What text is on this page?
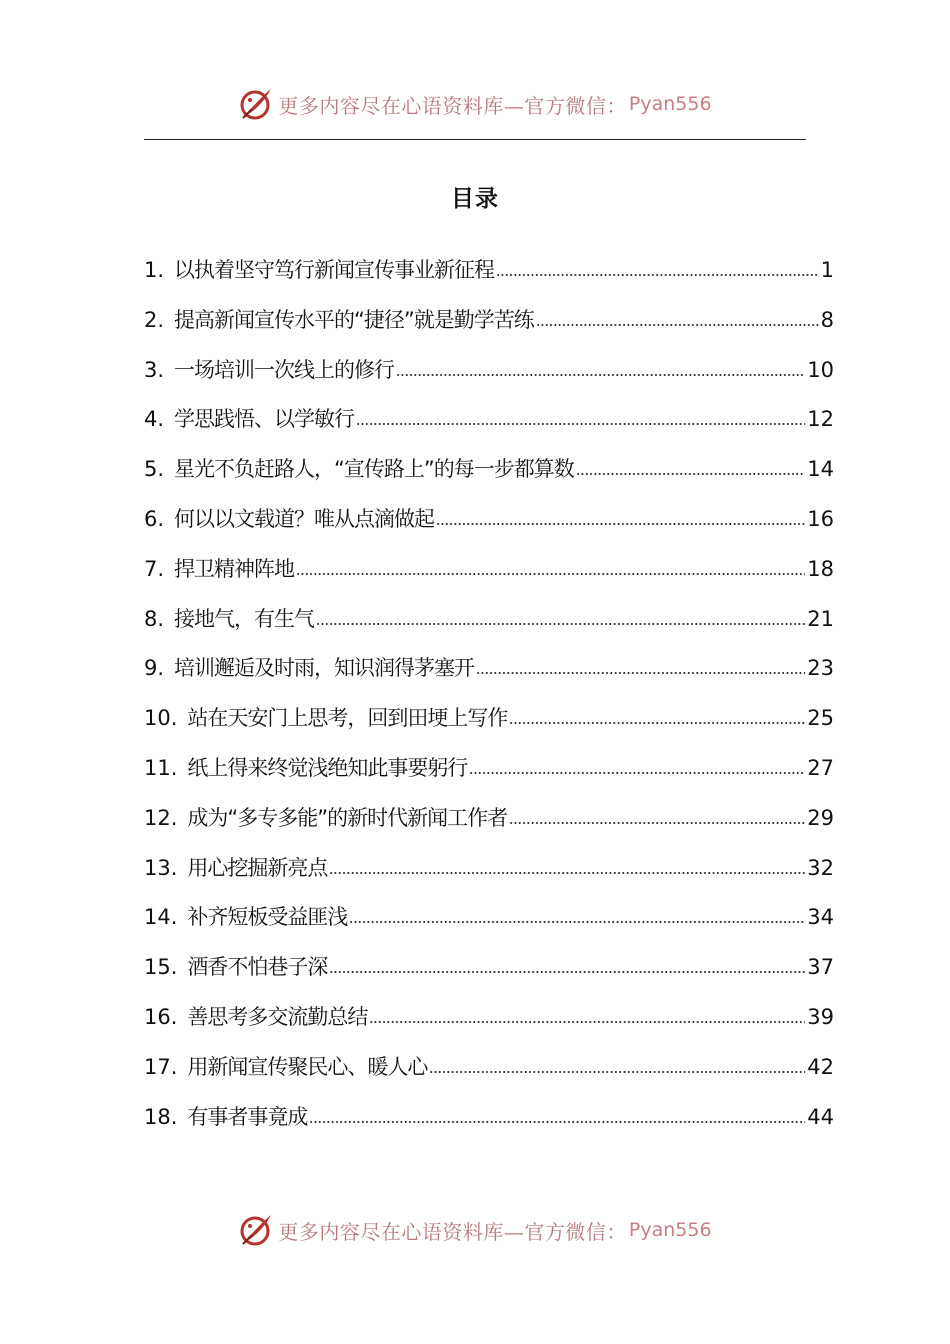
更多内容尽在心语资料库—官方微信： Pyan556
目录
1. 以执着坚守笃行新闻宣传事业新征程	1
2. 提高新闻宣传水平的“捷径”就是勤学苦练	8
3. 一场培训一次线上的修行	10
4. 学思践悟、以学敏行	12
5. 星光不负赶路人，“宣传路上”的每一步都算数	14
6. 何以以文载道？唯从点滴做起	16
7. 捍卫精神阵地	18
8. 接地气，有生气	21
9. 培训邂逅及时雨，知识润得茅塞开	23
10. 站在天安门上思考，回到田埂上写作	25
11. 纸上得来终觉浅绝知此事要躬行	27
12. 成为“多专多能”的新时代新闻工作者	29
13. 用心挖掘新亮点	32
14. 补齐短板受益匪浅	34
15. 酒香不怕巷子深	37
16. 善思考多交流勤总结	39
17. 用新闻宣传聚民心、暖人心	42
18. 有事者事竟成	44
更多内容尽在心语资料库—官方微信： Pyan556
